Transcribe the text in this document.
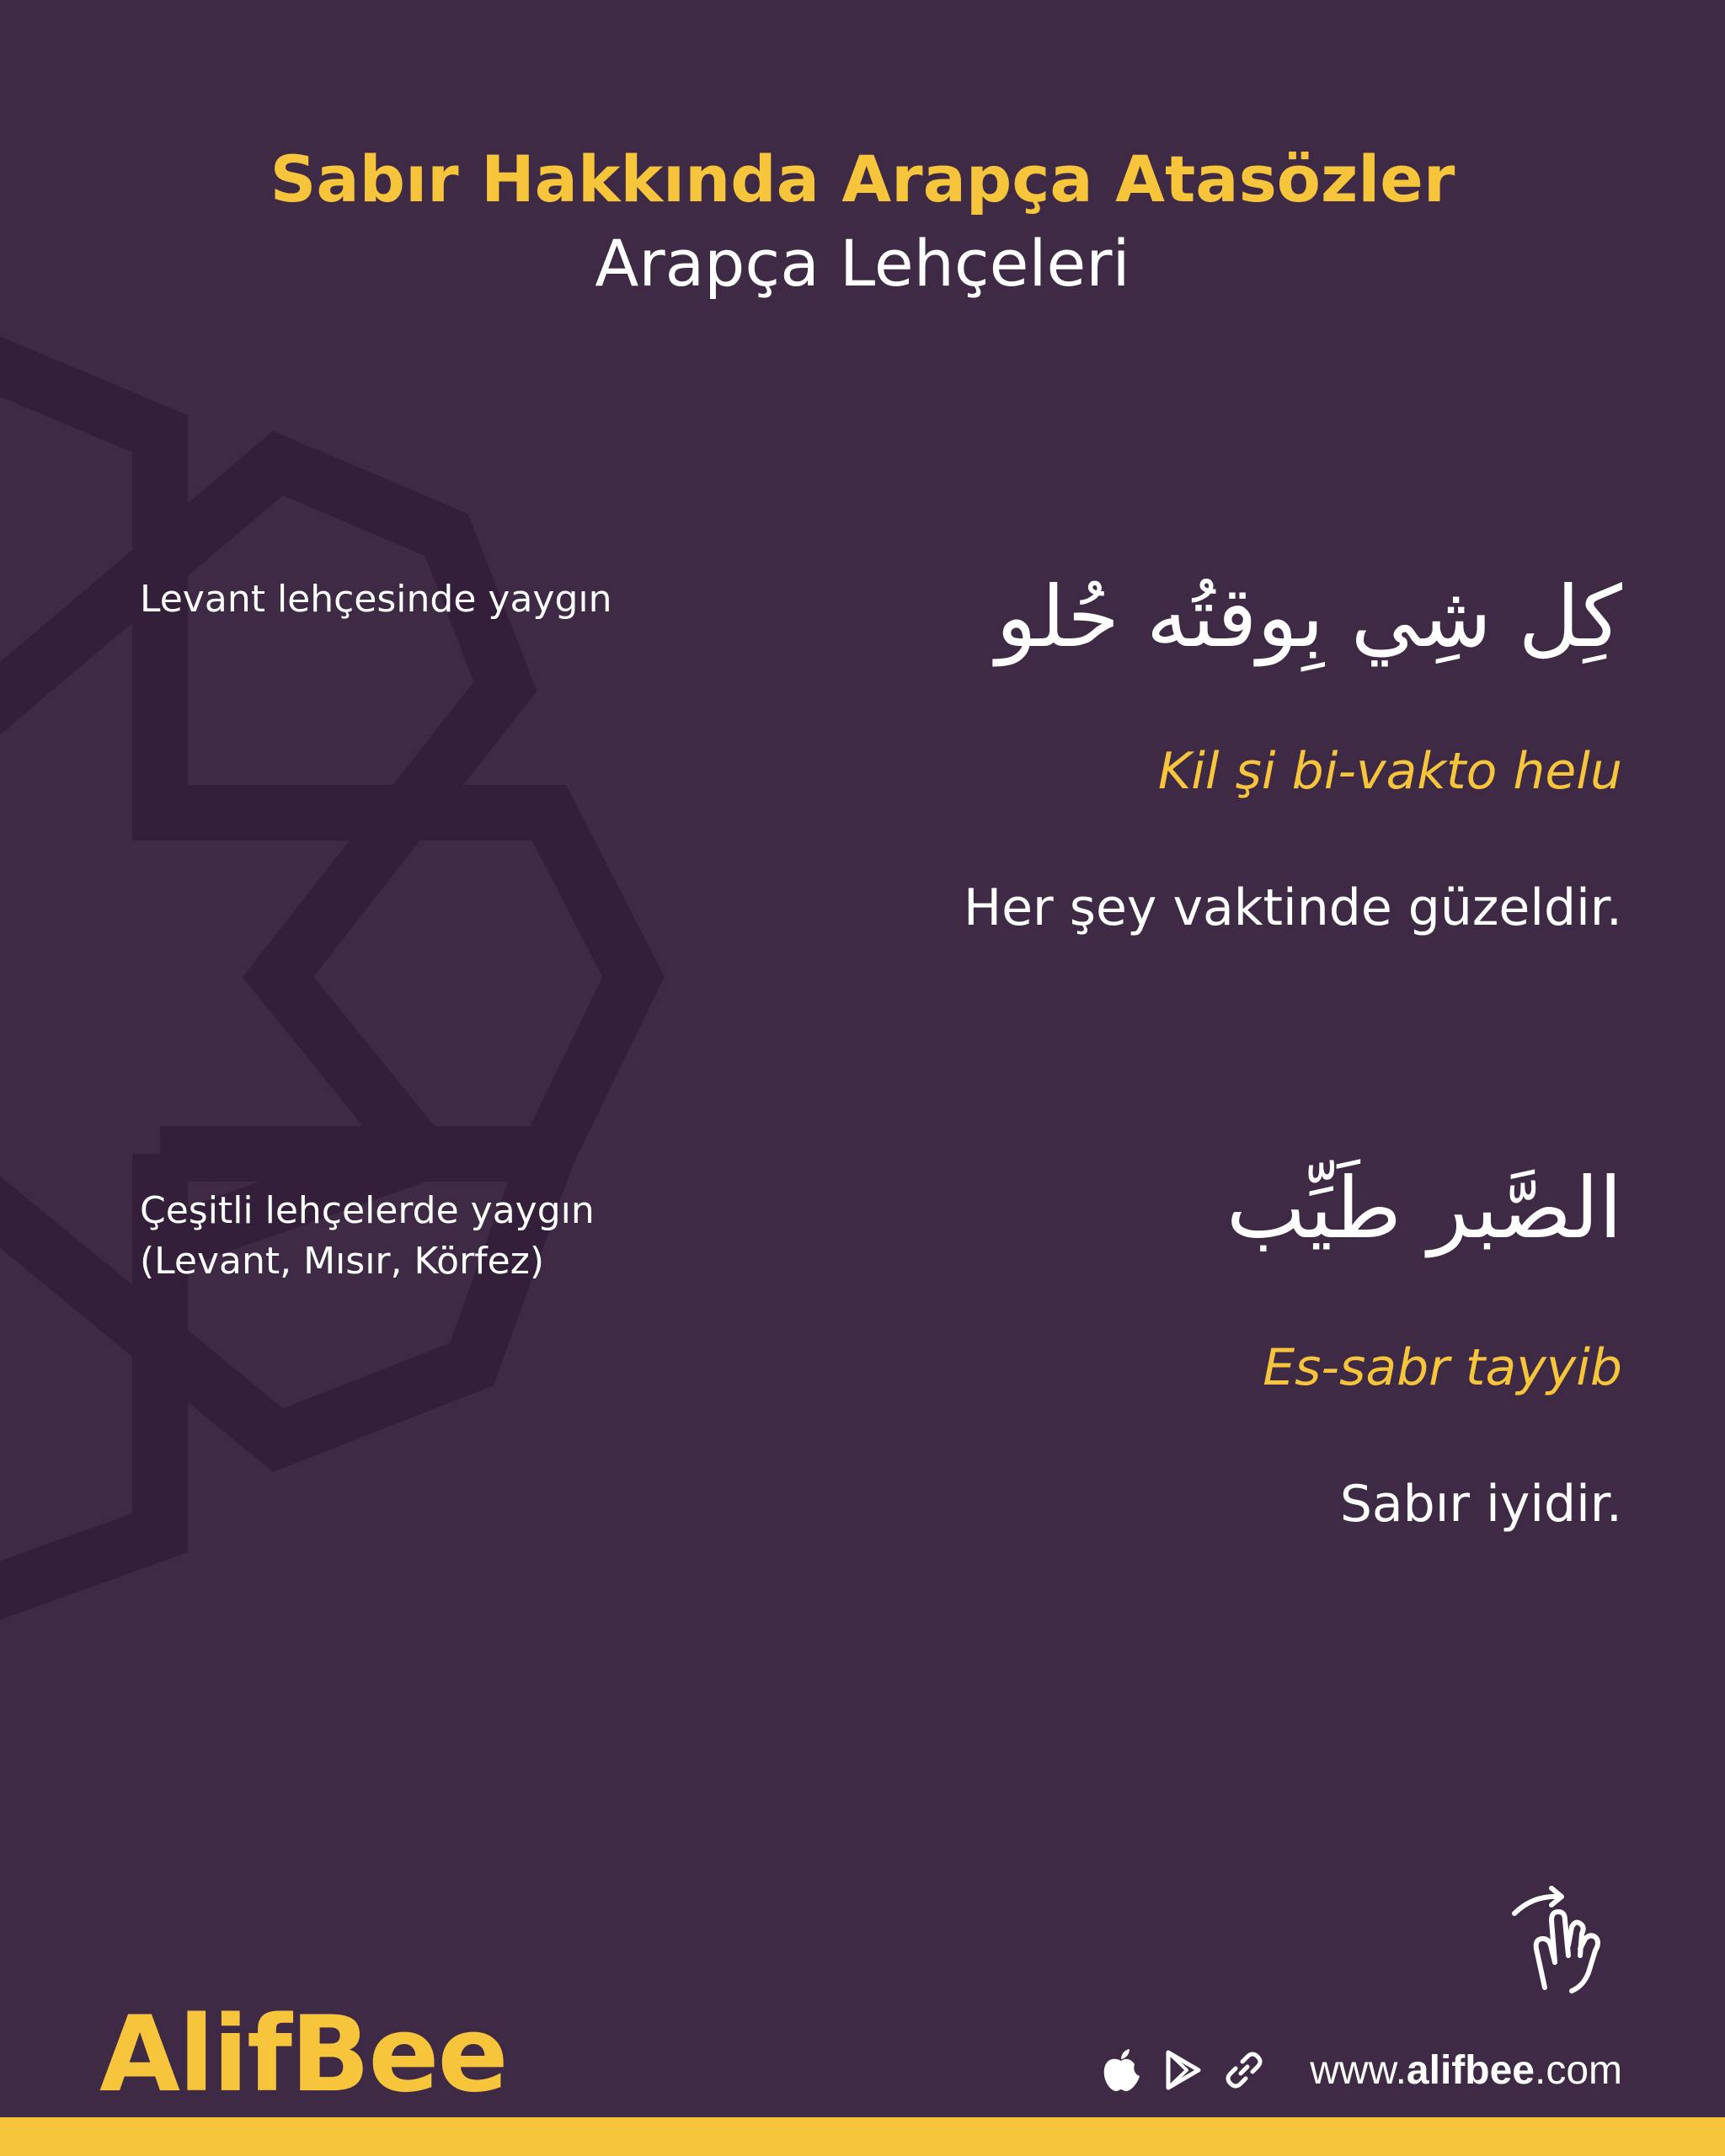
Sabır Hakkında Arapça Atasözler
Arapça Lehçeleri
Levant lehçesinde yaygın	كِل شِي بِوقتُه حُلو
Kil şi bi-vakto helu
Her şey vaktinde güzeldir.
Çeşitli lehçelerde yaygın
(Levant, Mısır, Körfez)
الصَّبر طَيِّب
Es-sabr tayyib
Sabır iyidir.
AlifBee	www.alifbee.com
